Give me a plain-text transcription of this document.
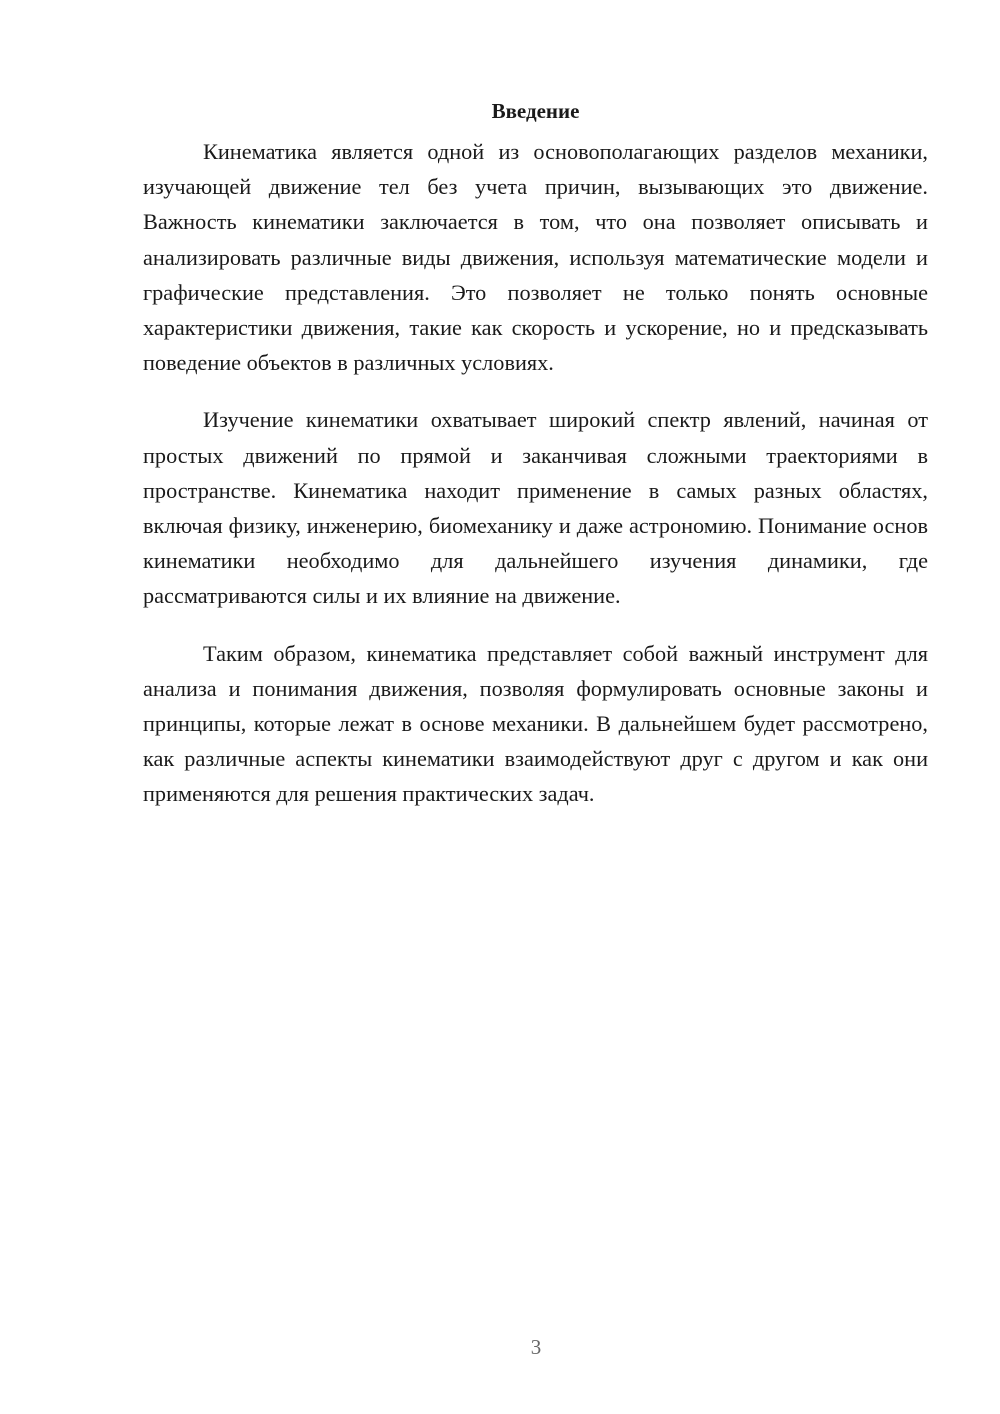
Введение

Кинематика является одной из основополагающих разделов механики, изучающей движение тел без учета причин, вызывающих это движение. Важность кинематики заключается в том, что она позволяет описывать и анализировать различные виды движения, используя математические модели и графические представления. Это позволяет не только понять основные характеристики движения, такие как скорость и ускорение, но и предсказывать поведение объектов в различных условиях.

Изучение кинематики охватывает широкий спектр явлений, начиная от простых движений по прямой и заканчивая сложными траекториями в пространстве. Кинематика находит применение в самых разных областях, включая физику, инженерию, биомеханику и даже астрономию. Понимание основ кинематики необходимо для дальнейшего изучения динамики, где рассматриваются силы и их влияние на движение.

Таким образом, кинематика представляет собой важный инструмент для анализа и понимания движения, позволяя формулировать основные законы и принципы, которые лежат в основе механики. В дальнейшем будет рассмотрено, как различные аспекты кинематики взаимодействуют друг с другом и как они применяются для решения практических задач.

3
